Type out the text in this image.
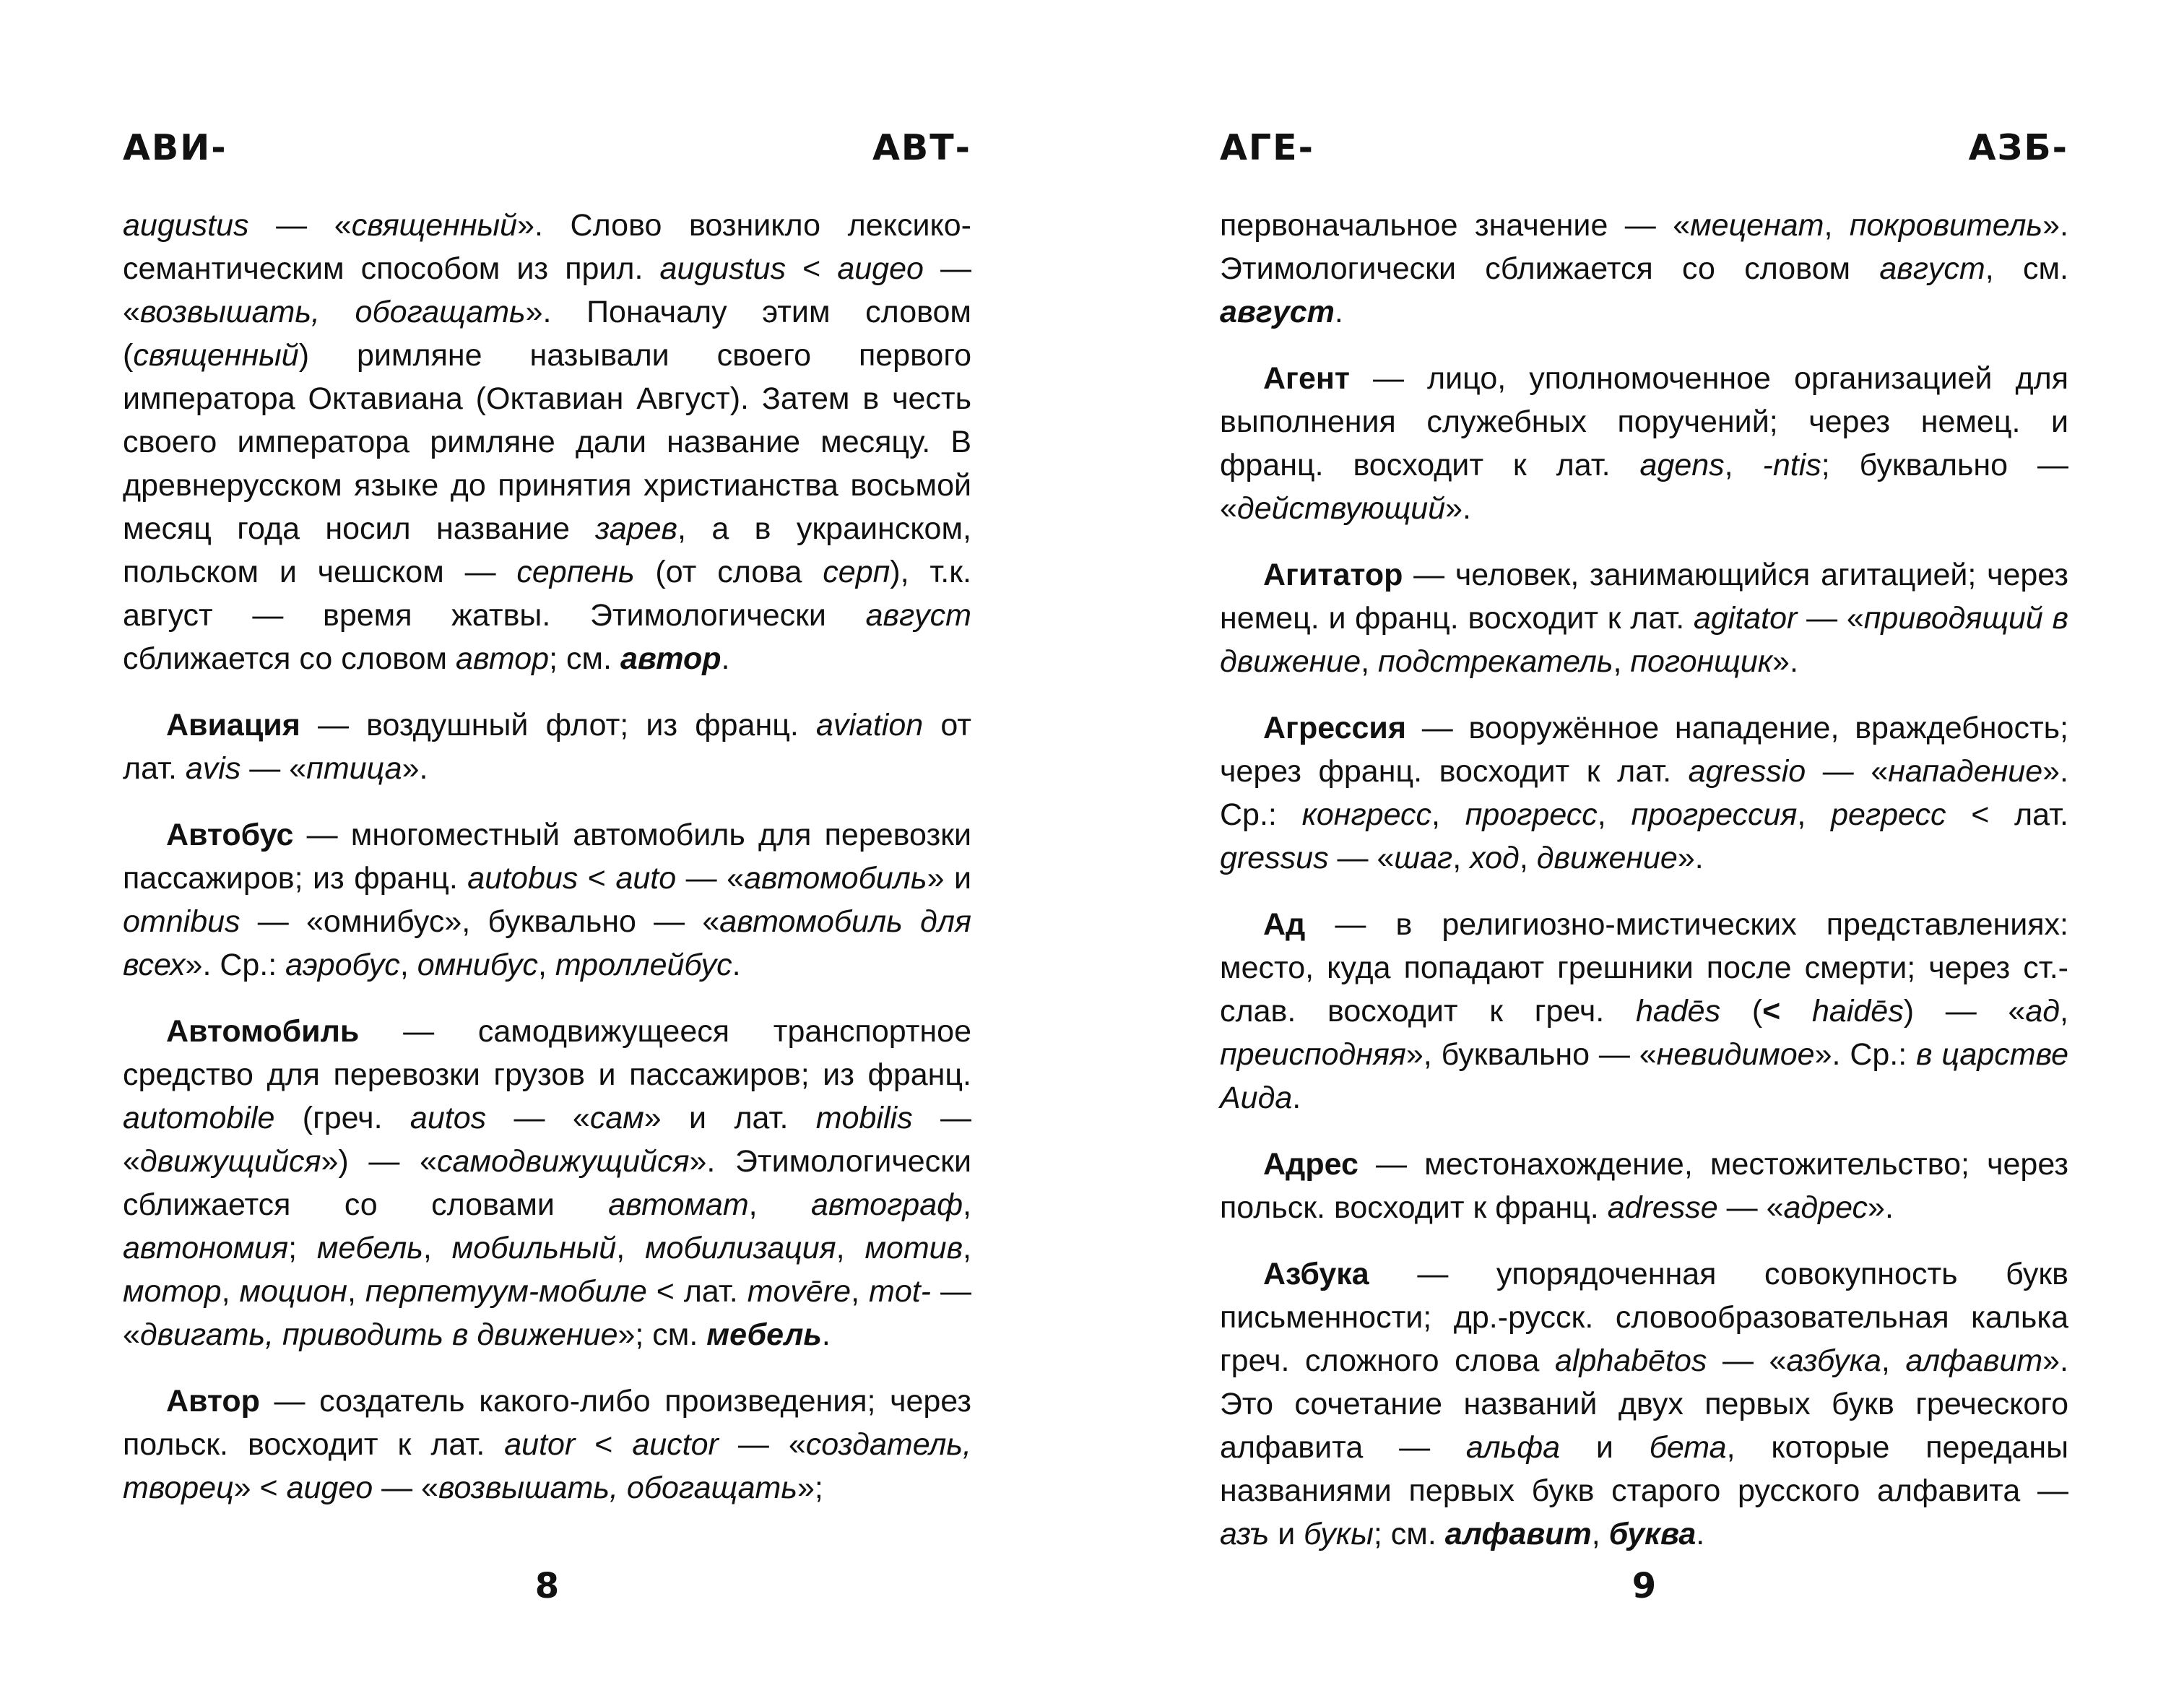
АВИ-	АВТ-

augustus — «священный». Слово возникло лексико-семантическим способом из прил. augustus < augeo — «возвышать, обогащать». Поначалу этим словом (священный) римляне называли своего первого императора Октавиана (Октавиан Август). Затем в честь своего императора римляне дали название месяцу. В древнерусском языке до принятия христианства восьмой месяц года носил название зарев, а в украинском, польском и чешском — серпень (от слова серп), т.к. август — время жатвы. Этимологически август сближается со словом автор; см. автор.

Авиация — воздушный флот; из франц. aviation от лат. avis — «птица».

Автобус — многоместный автомобиль для перевозки пассажиров; из франц. autobus < auto — «автомобиль» и omnibus — «омнибус», буквально — «автомобиль для всех». Ср.: аэробус, омнибус, троллейбус.

Автомобиль — самодвижущееся транспортное средство для перевозки грузов и пассажиров; из франц. automobile (греч. autos — «сам» и лат. mobilis — «движущийся») — «самодвижущийся». Этимологически сближается со словами автомат, автограф, автономия; мебель, мобильный, мобилизация, мотив, мотор, моцион, перпетуум-мобиле < лат. movēre, mot- — «двигать, приводить в движение»; см. мебель.

Автор — создатель какого-либо произведения; через польск. восходит к лат. autor < auctor — «создатель, творец» < augeo — «возвышать, обогащать»;

8
АГЕ-	АЗБ-

первоначальное значение — «меценат, покровитель». Этимологически сближается со словом август, см. август.

Агент — лицо, уполномоченное организацией для выполнения служебных поручений; через немец. и франц. восходит к лат. agens, -ntis; буквально — «действующий».

Агитатор — человек, занимающийся агитацией; через немец. и франц. восходит к лат. agitator — «приводящий в движение, подстрекатель, погонщик».

Агрессия — вооружённое нападение, враждебность; через франц. восходит к лат. agressio — «нападение». Ср.: конгресс, прогресс, прогрессия, регресс < лат. gressus — «шаг, ход, движение».

Ад — в религиозно-мистических представлениях: место, куда попадают грешники после смерти; через ст.-слав. восходит к греч. hadēs (< haidēs) — «ад, преисподняя», буквально — «невидимое». Ср.: в царстве Аида.

Адрес — местонахождение, местожительство; через польск. восходит к франц. adresse — «адрес».

Азбука — упорядоченная совокупность букв письменности; др.-русск. словообразовательная калька греч. сложного слова alphabētos — «азбука, алфавит». Это сочетание названий двух первых букв греческого алфавита — альфа и бета, которые переданы названиями первых букв старого русского алфавита — азъ и букы; см. алфавит, буква.

9
